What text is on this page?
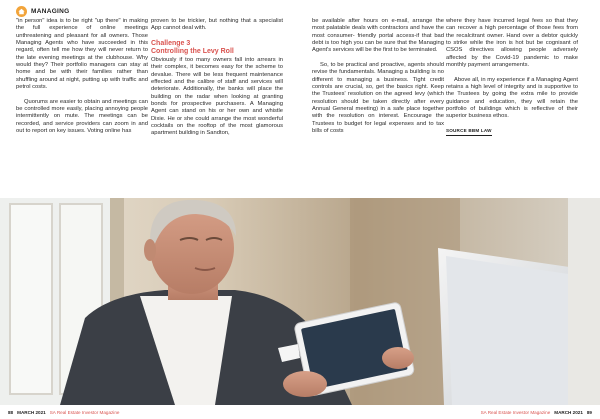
MANAGING

"in person" idea is to be right "up there" in making the full experience of online meetings unthreatening and pleasant for all owners. Those Managing Agents who have succeeded in this regard, often tell me how they will never return to the late evening meetings at the clubhouse. Why would they? Their portfolio managers can stay at home and be with their families rather than shuffling around at night, putting up with traffic and petrol costs.

Quorums are easier to obtain and meetings can be controlled more easily, placing annoying people intermittently on mute. The meetings can be recorded, and service providers can zoom in and out to report on key issues. Voting online has

proven to be trickier, but nothing that a specialist App cannot deal with.

Challenge 3
Controlling the Levy Roll

Obviously if too many owners fall into arrears in their complex, it becomes easy for the scheme to devalue. There will be less frequent maintenance effected and the calibre of staff and services will deteriorate. Additionally, the banks will place the building on the radar when looking at granting bonds for prospective purchasers. A Managing Agent can stand on his or her own and whistle Dixie. He or she could arrange the most wonderful cocktails on the rooftop of the most glamorous apartment building in Sandton,

be available after hours on e-mail, arrange the most palatable deals with contractors and have the most consumer- friendly portal access-if that bad debt is too high you can be sure that the Managing Agent's services will be the first to be terminated.

So, to be practical and proactive, agents should revise the fundamentals. Managing a building is no different to managing a business. Tight credit controls are crucial, so, get the basics right. Keep the Trustees' resolution on the agreed levy (which resolution should be taken directly after every Annual General meeting) in a safe place together with the resolution on interest. Encourage the Trustees to budget for legal expenses and to tax bills of costs

where they have incurred legal fees so that they can recover a high percentage of those fees from the recalcitrant owner. Hand over a debtor quickly to strike while the iron is hot but be cognisant of CSOS directives allowing people adversely affected by the Covid-19 pandemic to make monthly payment arrangements.

Above all, in my experience if a Managing Agent retains a high level of integrity and is supportive to the Trustees by going the extra mile to provide guidance and education, they will retain the portfolio of buildings which is reflective of their superior business ethos.

SOURCE BBM LAW
88 MARCH 2021 SA Real Estate Investor Magazine	SA Real Estate Investor Magazine MARCH 2021 89
